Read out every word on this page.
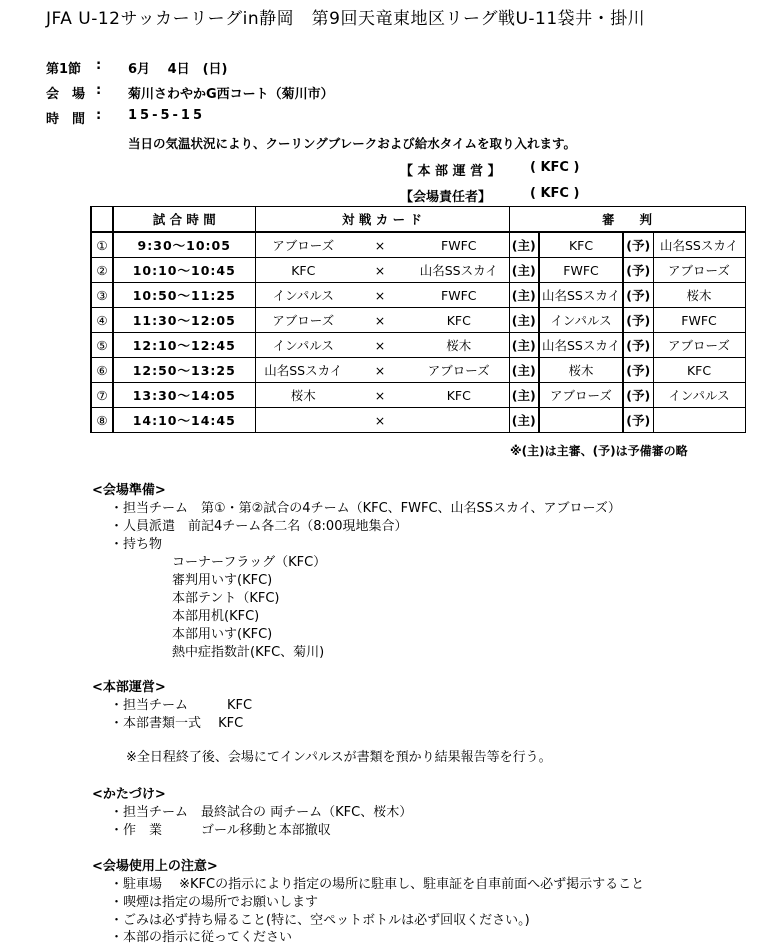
JFA U-12サッカーリーグin静岡　第9回天竜東地区リーグ戦U-11袋井・掛川
第1節 : 6月　 4日　(日)
会　場 : 菊川さわやかG西コート（菊川市）
時　間 : 15-5-15
当日の気温状況により、クーリングブレークおよび給水タイムを取り入れます。
【 本 部 運 営 】 ( KFC )
【会場責任者】	( KFC )
	試 合 時 間	対 戦 カ ー ド			審　　判			
①	9:30〜10:05	アブローズ	×	FWFC	(主)	KFC	(予)	山名SSスカイ
②	10:10〜10:45	KFC	×	山名SSスカイ	(主)	FWFC	(予)	アブローズ
③	10:50〜11:25	インパルス	×	FWFC	(主)	山名SSスカイ	(予)	桜木
④	11:30〜12:05	アブローズ	×	KFC	(主)	インパルス	(予)	FWFC
⑤	12:10〜12:45	インパルス	×	桜木	(主)	山名SSスカイ	(予)	アブローズ
⑥	12:50〜13:25	山名SSスカイ	×	アブローズ	(主)	桜木	(予)	KFC
⑦	13:30〜14:05	桜木	×	KFC	(主)	アブローズ	(予)	インパルス
⑧	14:10〜14:45		×		(主)		(予)	
※(主)は主審、(予)は予備審の略
<会場準備>
・担当チーム　第①・第②試合の4チーム（KFC、FWFC、山名SSスカイ、アブローズ）
・人員派遣　前記4チーム各二名（8:00現地集合）
・持ち物
コーナーフラッグ（KFC）
審判用いす(KFC)
本部テント（KFC)
本部用机(KFC)
本部用いす(KFC)
熱中症指数計(KFC、菊川)
<本部運営>
・担当チーム　　　KFC
・本部書類一式　 KFC
※全日程終了後、会場にてインパルスが書類を預かり結果報告等を行う。
<かたづけ>
・担当チーム　最終試合の 両チーム（KFC、桜木）
・作　業　　　ゴール移動と本部撤収
<会場使用上の注意>
・駐車場　 ※KFCの指示により指定の場所に駐車し、駐車証を自車前面へ必ず掲示すること
・喫煙は指定の場所でお願いします
・ごみは必ず持ち帰ること(特に、空ペットボトルは必ず回収ください。)
・本部の指示に従ってください
